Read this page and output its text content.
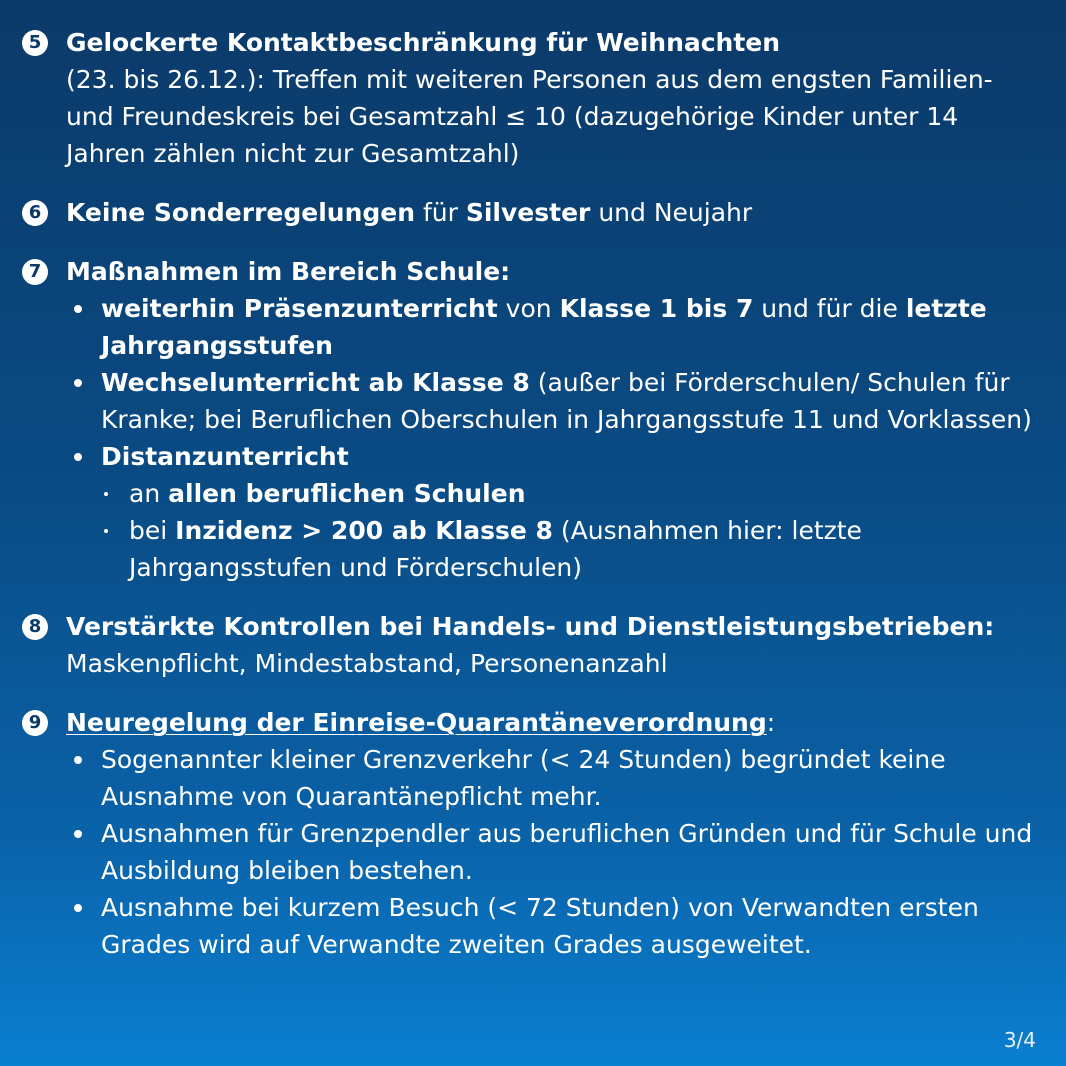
5 Gelockerte Kontaktbeschränkung für Weihnachten
(23. bis 26.12.): Treffen mit weiteren Personen aus dem engsten Familien- und Freundeskreis bei Gesamtzahl ≤ 10 (dazugehörige Kinder unter 14 Jahren zählen nicht zur Gesamtzahl)
6 Keine Sonderregelungen für Silvester und Neujahr
7 Maßnahmen im Bereich Schule:
weiterhin Präsenzunterricht von Klasse 1 bis 7 und für die letzte Jahrgangsstufen
Wechselunterricht ab Klasse 8 (außer bei Förderschulen/ Schulen für Kranke; bei Beruflichen Oberschulen in Jahrgangsstufe 11 und Vorklassen)
Distanzunterricht
an allen beruflichen Schulen
bei Inzidenz > 200 ab Klasse 8 (Ausnahmen hier: letzte Jahrgangsstufen und Förderschulen)
8 Verstärkte Kontrollen bei Handels- und Dienstleistungsbetrieben: Maskenpflicht, Mindestabstand, Personenanzahl
9 Neuregelung der Einreise-Quarantäneverordnung:
Sogenannter kleiner Grenzverkehr (< 24 Stunden) begründet keine Ausnahme von Quarantänepflicht mehr.
Ausnahmen für Grenzpendler aus beruflichen Gründen und für Schule und Ausbildung bleiben bestehen.
Ausnahme bei kurzem Besuch (< 72 Stunden) von Verwandten ersten Grades wird auf Verwandte zweiten Grades ausgeweitet.
3/4
